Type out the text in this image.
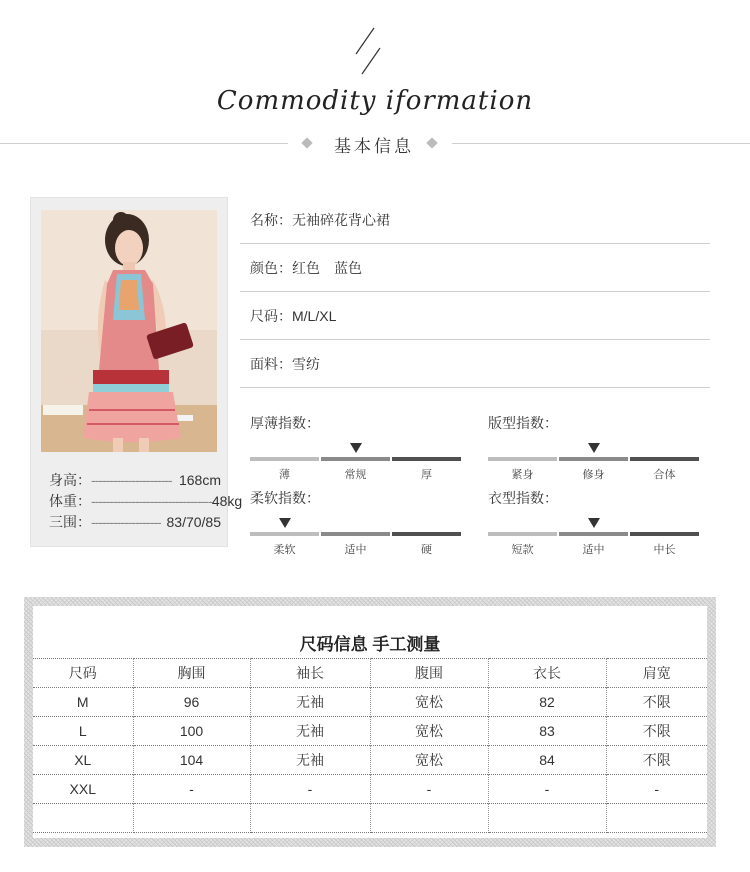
Commodity iformation
基本信息
身高： ---------------------- 168cm
体重： --------------------------------- 48kg
三围： ------------------- 83/70/85
名称： 无袖碎花背心裙
颜色： 红色　蓝色
尺码： M/L/XL
面料： 雪纺
厚薄指数：
薄	常规	厚
版型指数：
紧身	修身	合体
柔软指数：
柔软	适中	硬
衣型指数：
短款	适中	中长
尺码信息 手工测量
尺码	胸围	袖长	腹围	衣长	肩宽
M	96	无袖	宽松	82	不限
L	100	无袖	宽松	83	不限
XL	104	无袖	宽松	84	不限
XXL	-	-	-	-	-
